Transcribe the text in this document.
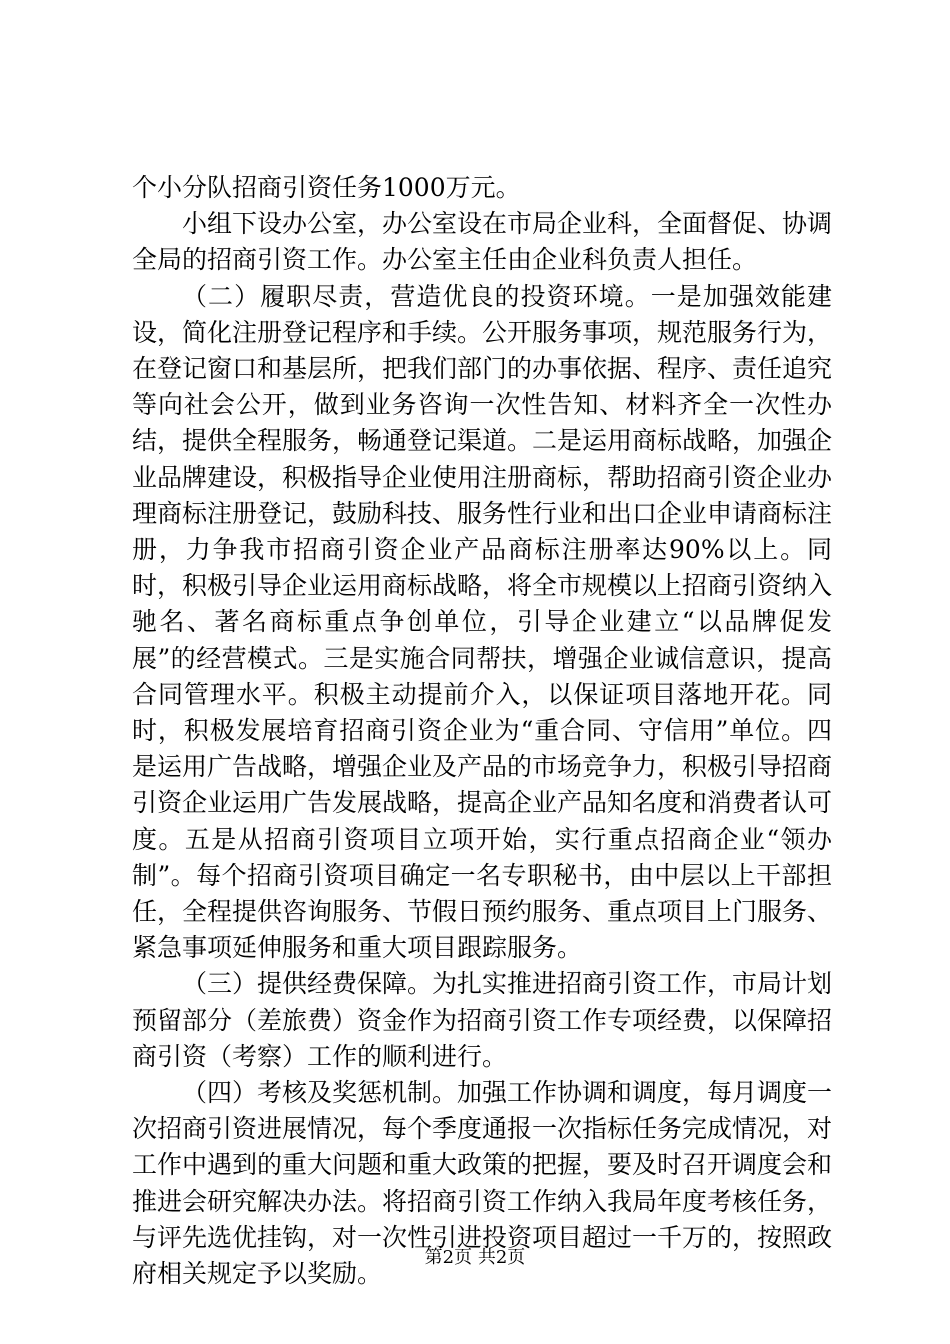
个小分队招商引资任务1000万元。

小组下设办公室，办公室设在市局企业科，全面督促、协调全局的招商引资工作。办公室主任由企业科负责人担任。

（二）履职尽责，营造优良的投资环境。一是加强效能建设，简化注册登记程序和手续。公开服务事项，规范服务行为，在登记窗口和基层所，把我们部门的办事依据、程序、责任追究等向社会公开，做到业务咨询一次性告知、材料齐全一次性办结，提供全程服务，畅通登记渠道。二是运用商标战略，加强企业品牌建设，积极指导企业使用注册商标，帮助招商引资企业办理商标注册登记，鼓励科技、服务性行业和出口企业申请商标注册，力争我市招商引资企业产品商标注册率达90%以上。同时，积极引导企业运用商标战略，将全市规模以上招商引资纳入驰名、著名商标重点争创单位，引导企业建立“以品牌促发展”的经营模式。三是实施合同帮扶，增强企业诚信意识，提高合同管理水平。积极主动提前介入，以保证项目落地开花。同时，积极发展培育招商引资企业为“重合同、守信用”单位。四是运用广告战略，增强企业及产品的市场竞争力，积极引导招商引资企业运用广告发展战略，提高企业产品知名度和消费者认可度。五是从招商引资项目立项开始，实行重点招商企业“领办制”。每个招商引资项目确定一名专职秘书，由中层以上干部担任，全程提供咨询服务、节假日预约服务、重点项目上门服务、紧急事项延伸服务和重大项目跟踪服务。

（三）提供经费保障。为扎实推进招商引资工作，市局计划预留部分（差旅费）资金作为招商引资工作专项经费，以保障招商引资（考察）工作的顺利进行。

（四）考核及奖惩机制。加强工作协调和调度，每月调度一次招商引资进展情况，每个季度通报一次指标任务完成情况，对工作中遇到的重大问题和重大政策的把握，要及时召开调度会和推进会研究解决办法。将招商引资工作纳入我局年度考核任务，与评先选优挂钩，对一次性引进投资项目超过一千万的，按照政府相关规定予以奖励。

第2页 共2页
